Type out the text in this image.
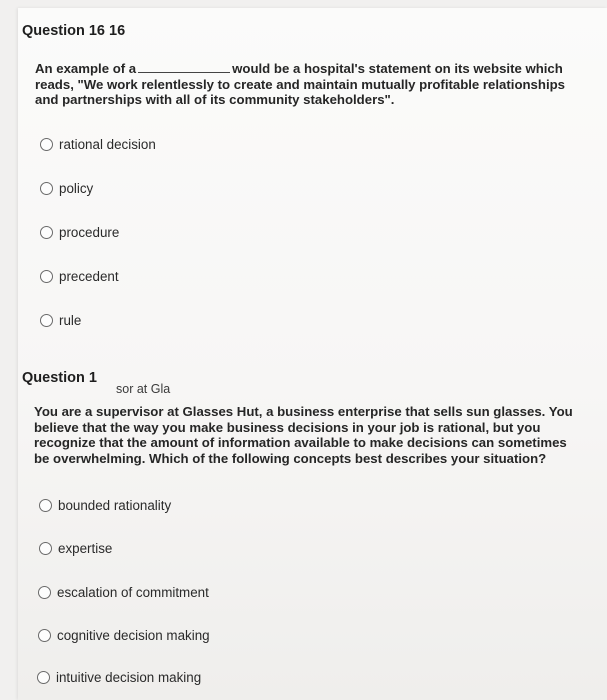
Question 16 16
An example of a	would be a hospital's statement on its website which
reads, "We work relentlessly to create and maintain mutually profitable relationships
and partnerships with all of its community stakeholders".
rational decision
policy
procedure
precedent
rule
Question 1
sor at Gla
You are a supervisor at Glasses Hut, a business enterprise that sells sun glasses. You
believe that the way you make business decisions in your job is rational, but you
recognize that the amount of information available to make decisions can sometimes
be overwhelming. Which of the following concepts best describes your situation?
bounded rationality
expertise
escalation of commitment
cognitive decision making
intuitive decision making
